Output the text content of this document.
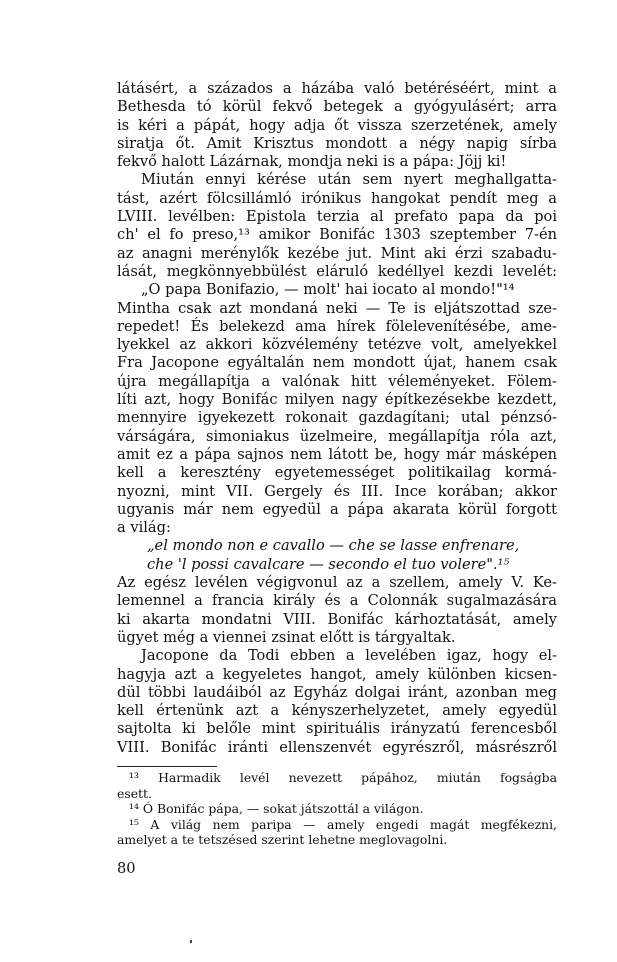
látásért, a százados a házába való betéréséért, mint a
Bethesda tó körül fekvő betegek a gyógyulásért; arra
is kéri a pápát, hogy adja őt vissza szerzetének, amely
siratja őt. Amit Krisztus mondott a négy napig sírba
fekvő halott Lázárnak, mondja neki is a pápa: Jöjj ki!
Miután ennyi kérése után sem nyert meghallgatta-
tást, azért fölcsillámló irónikus hangokat pendít meg a
LVIII. levélben: Epistola terzia al prefato papa da poi
ch' el fo preso,¹³ amikor Bonifác 1303 szeptember 7-én
az anagni merénylők kezébe jut. Mint aki érzi szabadu-
lását, megkönnyebbülést eláruló kedéllyel kezdi levelét:
„O papa Bonifazio, — molt' hai iocato al mondo!"¹⁴
Mintha csak azt mondaná neki — Te is eljátszottad sze-
repedet! És belekezd ama hírek fölelevenítésébe, ame-
lyekkel az akkori közvélemény tetézve volt, amelyekkel
Fra Jacopone egyáltalán nem mondott újat, hanem csak
újra megállapítja a valónak hitt véleményeket. Fölem-
líti azt, hogy Bonifác milyen nagy építkezésekbe kezdett,
mennyire igyekezett rokonait gazdagítani; utal pénzsó-
várságára, simoniakus üzelmeire, megállapítja róla azt,
amit ez a pápa sajnos nem látott be, hogy már másképen
kell a keresztény egyetemességet politikailag kormá-
nyozni, mint VII. Gergely és III. Ince korában; akkor
ugyanis már nem egyedül a pápa akarata körül forgott
a világ:
„el mondo non e cavallo — che se lasse enfrenare,
che 'l possi cavalcare — secondo el tuo volere".¹⁵
Az egész levélen végigvonul az a szellem, amely V. Ke-
lemennel a francia király és a Colonnák sugalmazására
ki akarta mondatni VIII. Bonifác kárhoztatását, amely
ügyet még a viennei zsinat előtt is tárgyaltak.
Jacopone da Todi ebben a levelében igaz, hogy el-
hagyja azt a kegyeletes hangot, amely különben kicsen-
dül többi laudáiból az Egyház dolgai iránt, azonban meg
kell értenünk azt a kényszerhelyzetet, amely egyedül
sajtolta ki belőle mint spirituális irányzatú ferencesből
VIII. Bonifác iránti ellenszenvét egyrészről, másrészről
¹³ Harmadik levél nevezett pápához, miután fogságba
esett.
¹⁴ Ó Bonifác pápa, — sokat játszottál a világon.
¹⁵ A világ nem paripa — amely engedi magát megfékezni,
amelyet a te tetszésed szerint lehetne meglovagolni.
80
